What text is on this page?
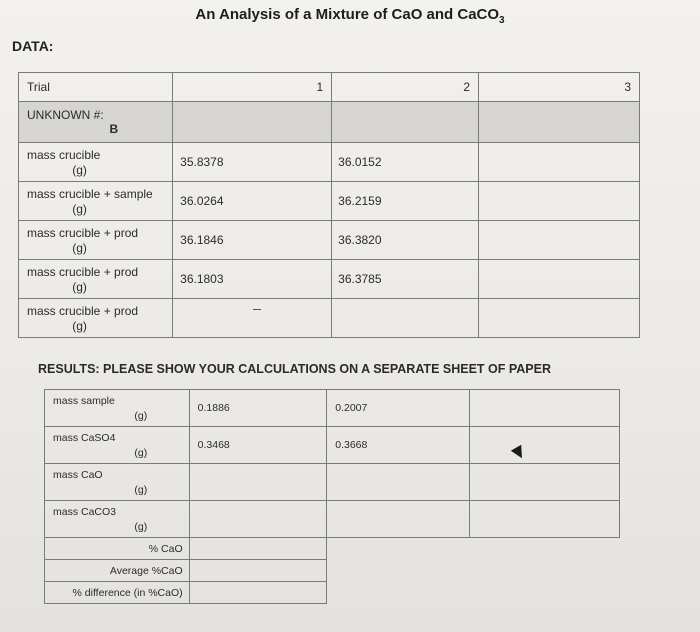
An Analysis of a Mixture of CaO and CaCO$_3$
DATA:
Trial	1	2	3

UNKNOWN #:
B			

mass crucible
(g)	35.8378	36.0152	

mass crucible + sample
(g)	36.0264	36.2159	

mass crucible + prod
(g)	36.1846	36.3820	

mass crucible + prod
(g)	36.1803	36.3785	

mass crucible + prod
(g)			

RESULTS: PLEASE SHOW YOUR CALCULATIONS ON A SEPARATE SHEET OF PAPER
mass sample
(g)	0.1886	0.2007	

mass CaSO4
(g)	0.3468	0.3668	

mass CaO
(g)			

mass CaCO3
(g)			

% CaO			
Average %CaO			
% difference (in %CaO)			
